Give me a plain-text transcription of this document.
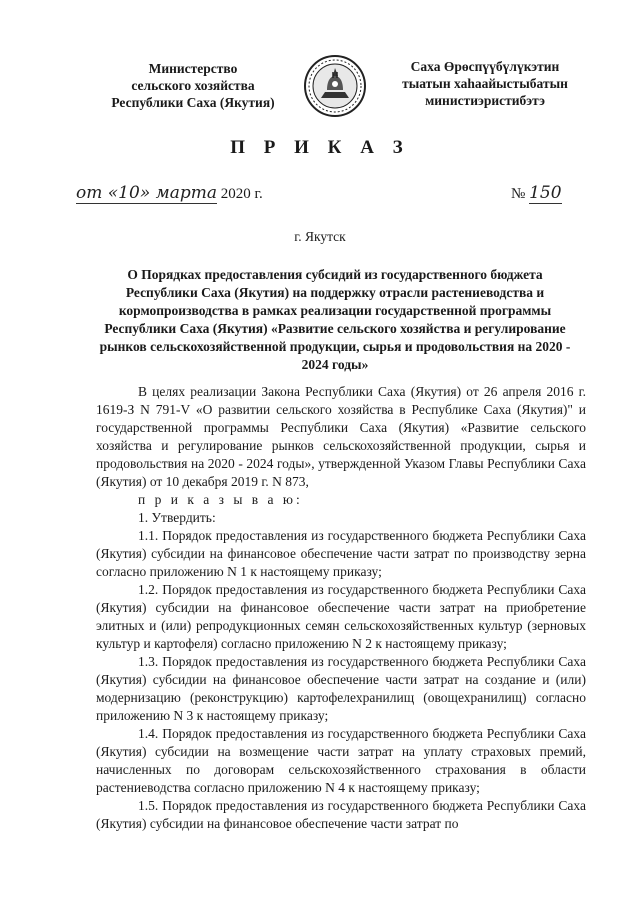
Министерство
сельского хозяйства
Республики Саха (Якутия)
Саха Өрөспүүбүлүкэтин
тыатын хаһаайыстыбатын
министиэристибэтэ
П Р И К А З
от «10» марта 2020 г.	№ 150
г. Якутск
О Порядках предоставления субсидий из государственного бюджета Республики Саха (Якутия) на поддержку отрасли растениеводства и кормопроизводства в рамках реализации государственной программы Республики Саха (Якутия) «Развитие сельского хозяйства и регулирование рынков сельскохозяйственной продукции, сырья и продовольствия на 2020 - 2024 годы»

В целях реализации Закона Республики Саха (Якутия) от 26 апреля 2016 г. 1619-З N 791-V «О развитии сельского хозяйства в Республике Саха (Якутия)" и государственной программы Республики Саха (Якутия) «Развитие сельского хозяйства и регулирование рынков сельскохозяйственной продукции, сырья и продовольствия на 2020 - 2024 годы», утвержденной Указом Главы Республики Саха (Якутия) от 10 декабря 2019 г. N 873,

п р и к а з ы в а ю:

1. Утвердить:

1.1. Порядок предоставления из государственного бюджета Республики Саха (Якутия) субсидии на финансовое обеспечение части затрат по производству зерна согласно приложению N 1 к настоящему приказу;

1.2. Порядок предоставления из государственного бюджета Республики Саха (Якутия) субсидии на финансовое обеспечение части затрат на приобретение элитных и (или) репродукционных семян сельскохозяйственных культур (зерновых культур и картофеля) согласно приложению N 2 к настоящему приказу;

1.3. Порядок предоставления из государственного бюджета Республики Саха (Якутия) субсидии на финансовое обеспечение части затрат на создание и (или) модернизацию (реконструкцию) картофелехранилищ (овощехранилищ) согласно приложению N 3 к настоящему приказу;

1.4. Порядок предоставления из государственного бюджета Республики Саха (Якутия) субсидии на возмещение части затрат на уплату страховых премий, начисленных по договорам сельскохозяйственного страхования в области растениеводства согласно приложению N 4 к настоящему приказу;

1.5. Порядок предоставления из государственного бюджета Республики Саха (Якутия) субсидии на финансовое обеспечение части затрат по
